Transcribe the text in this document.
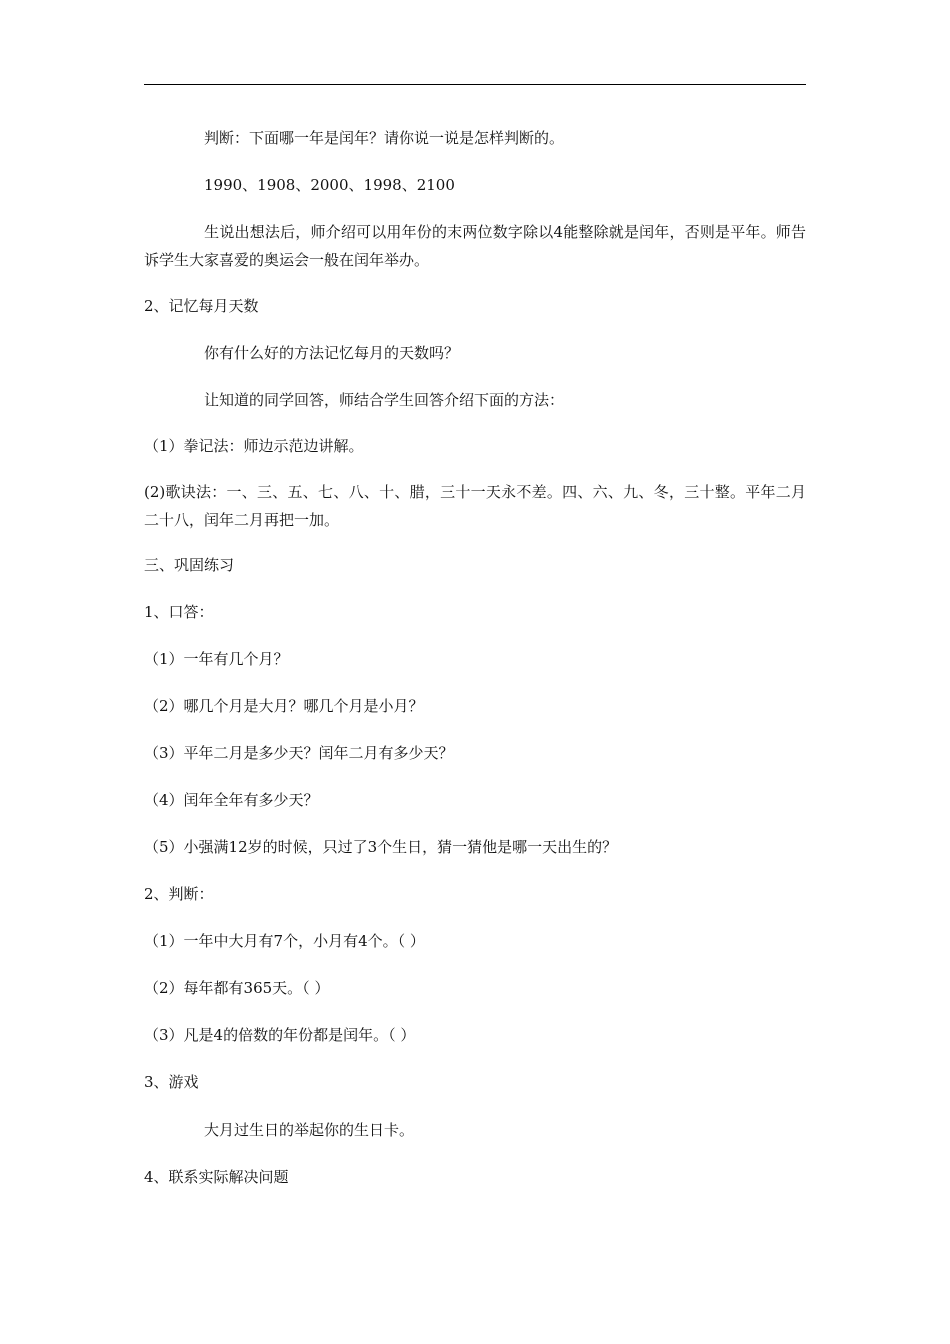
判断：下面哪一年是闰年？请你说一说是怎样判断的。
1990、1908、2000、1998、2100
生说出想法后，师介绍可以用年份的末两位数字除以4能整除就是闰年，否则是平年。师告诉学生大家喜爱的奥运会一般在闰年举办。
2、记忆每月天数
你有什么好的方法记忆每月的天数吗？
让知道的同学回答，师结合学生回答介绍下面的方法：
（1）拳记法：师边示范边讲解。
(2)歌诀法：一、三、五、七、八、十、腊，三十一天永不差。四、六、九、冬，三十整。平年二月二十八，闰年二月再把一加。
三、巩固练习
1、口答：
（1）一年有几个月？
（2）哪几个月是大月？哪几个月是小月？
（3）平年二月是多少天？闰年二月有多少天？
（4）闰年全年有多少天？
（5）小强满12岁的时候，只过了3个生日，猜一猜他是哪一天出生的？
2、判断：
（1）一年中大月有7个，小月有4个。（ ）
（2）每年都有365天。（ ）
（3）凡是4的倍数的年份都是闰年。（ ）
3、游戏
大月过生日的举起你的生日卡。
4、联系实际解决问题
